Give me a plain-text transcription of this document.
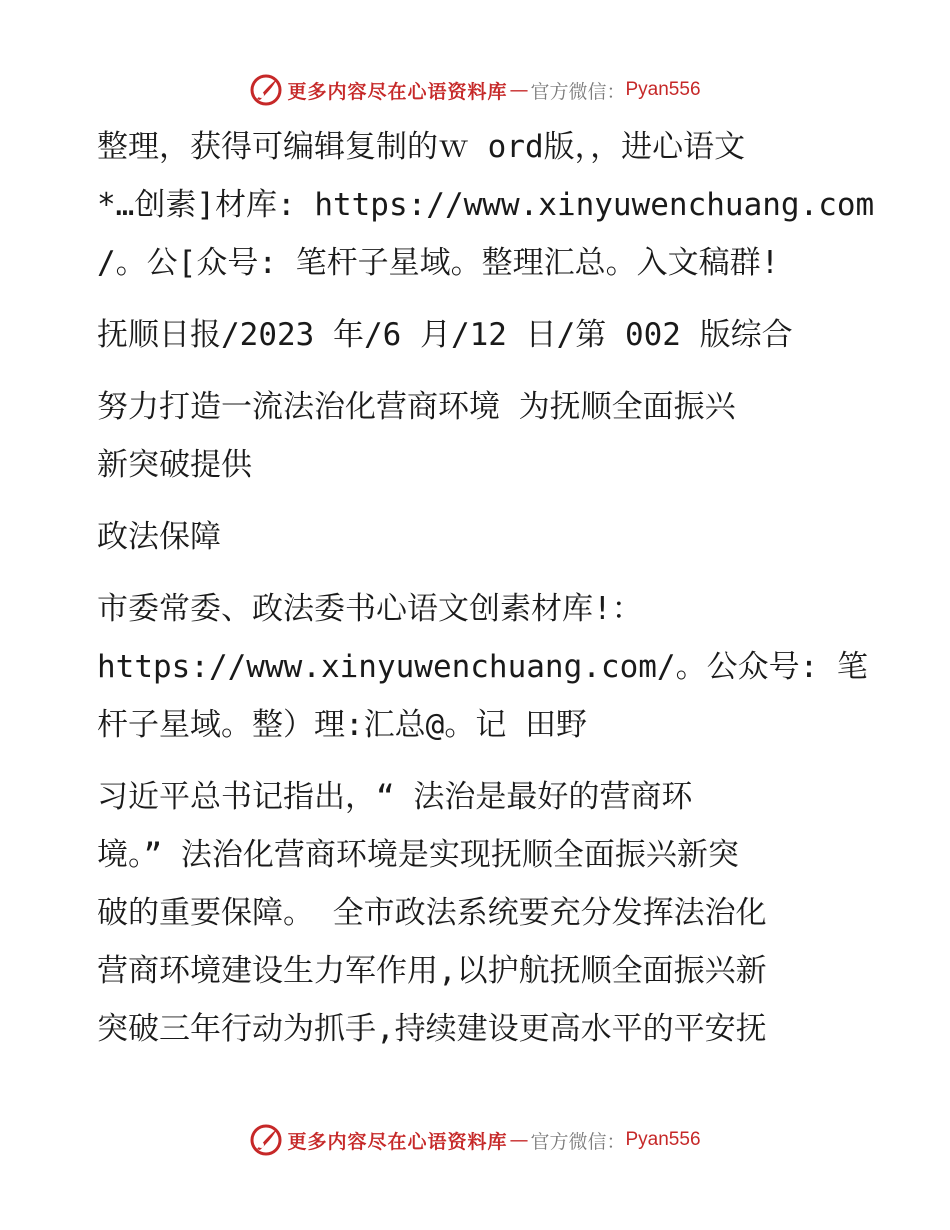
更多内容尽在心语资料库 — 官方微信： Pyan556

整理，获得可编辑复制的ｗ ord版，，进心语文
*…创素]材库: https://www.xinyuwenchuang.com
/。公[众号: 笔杆子星域。整理汇总。入文稿群!

抚顺日报/2023 年/6 月/12 日/第 002 版综合

努力打造一流法治化营商环境 为抚顺全面振兴
新突破提供

政法保障

市委常委、政法委书心语文创素材库!：
https://www.xinyuwenchuang.com/。公众号: 笔
杆子星域。整）理:汇总@。记 田野

习近平总书记指出，“ 法治是最好的营商环
境。” 法治化营商环境是实现抚顺全面振兴新突
破的重要保障。 全市政法系统要充分发挥法治化
营商环境建设生力军作用,以护航抚顺全面振兴新
突破三年行动为抓手,持续建设更高水平的平安抚

更多内容尽在心语资料库 — 官方微信： Pyan556
